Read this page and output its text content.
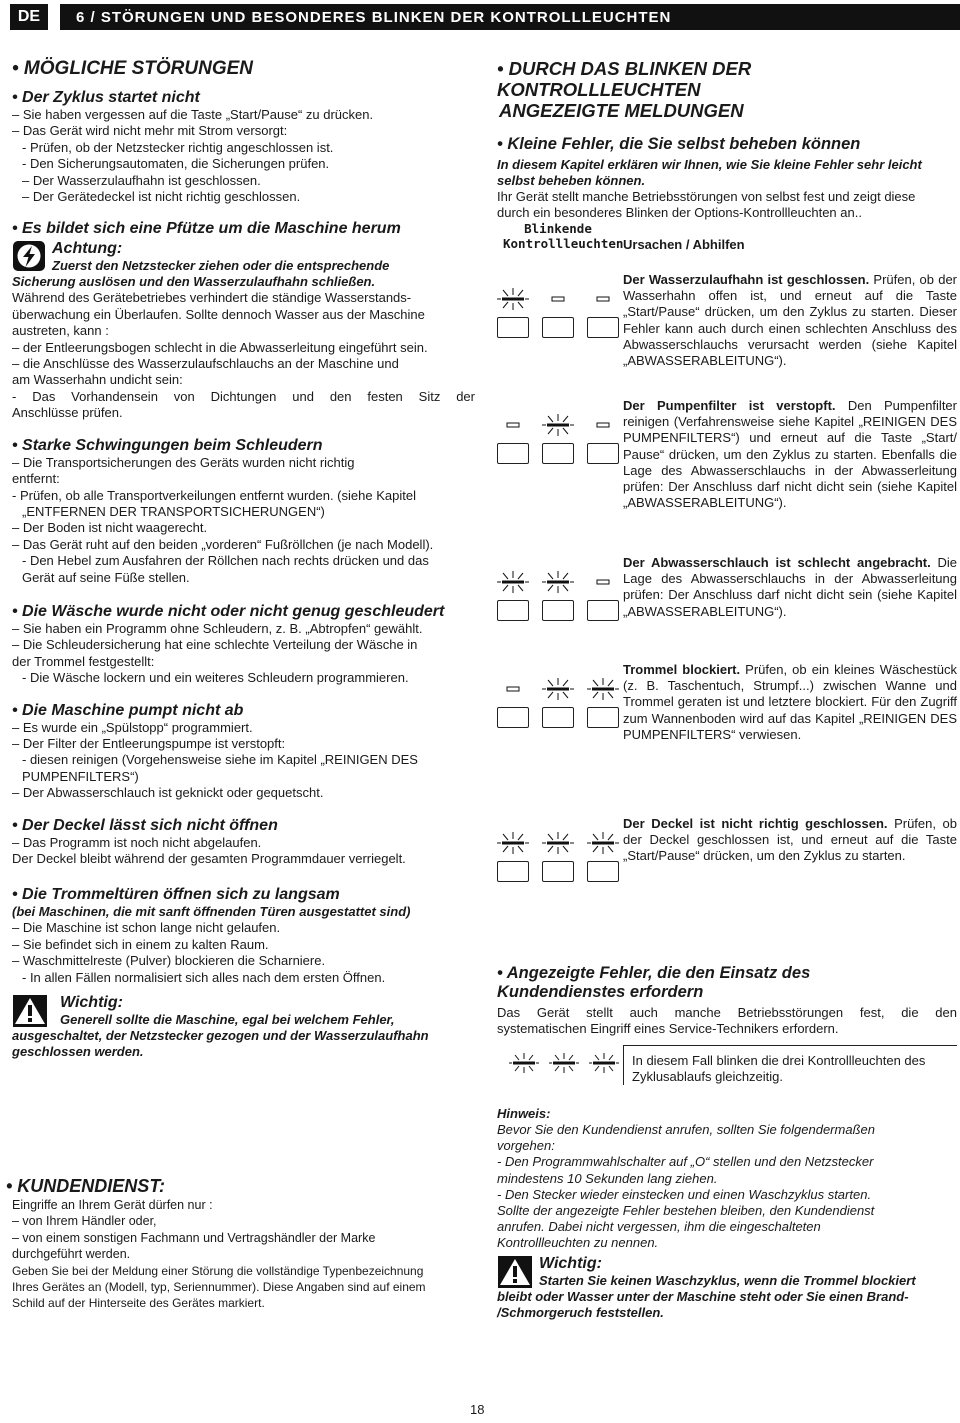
DE	6 / STÖRUNGEN UND BESONDERES BLINKEN DER KONTROLLLEUCHTEN
• MÖGLICHE STÖRUNGEN
• Der Zyklus startet nicht
– Sie haben vergessen auf die Taste „Start/Pause“ zu drücken.
– Das Gerät wird nicht mehr mit Strom versorgt:
- Prüfen, ob der Netzstecker richtig angeschlossen ist.
- Den Sicherungsautomaten, die Sicherungen prüfen.
– Der Wasserzulaufhahn ist geschlossen.
– Der Gerätedeckel ist nicht richtig geschlossen.
• Es bildet sich eine Pfütze um die Maschine herum
Achtung:
Zuerst den Netzstecker ziehen oder die entsprechende
Sicherung auslösen und den Wasserzulaufhahn schließen.
Während des Gerätebetriebes verhindert die ständige Wasserstands-
überwachung ein Überlaufen. Sollte dennoch Wasser aus der Maschine
austreten, kann :
– der Entleerungsbogen schlecht in die Abwasserleitung eingeführt sein.
– die Anschlüsse des Wasserzulaufschlauchs an der Maschine und
am Wasserhahn undicht sein:
- Das Vorhandensein von Dichtungen und den festen Sitz der
Anschlüsse prüfen.
• Starke Schwingungen beim Schleudern
– Die Transportsicherungen des Geräts wurden nicht richtig
entfernt:
- Prüfen, ob alle Transportverkeilungen entfernt wurden. (siehe Kapitel
„ENTFERNEN DER TRANSPORTSICHERUNGEN“)
– Der Boden ist nicht waagerecht.
– Das Gerät ruht auf den beiden „vorderen“ Fußröllchen (je nach Modell).
- Den Hebel zum Ausfahren der Röllchen nach rechts drücken und das
Gerät auf seine Füße stellen.
• Die Wäsche wurde nicht oder nicht genug geschleudert
– Sie haben ein Programm ohne Schleudern, z. B. „Abtropfen“ gewählt.
– Die Schleudersicherung hat eine schlechte Verteilung der Wäsche in
der Trommel festgestellt:
- Die Wäsche lockern und ein weiteres Schleudern programmieren.
• Die Maschine pumpt nicht ab
– Es wurde ein „Spülstopp“ programmiert.
– Der Filter der Entleerungspumpe ist verstopft:
- diesen reinigen (Vorgehensweise siehe im Kapitel „REINIGEN DES
PUMPENFILTERS“)
– Der Abwasserschlauch ist geknickt oder gequetscht.
• Der Deckel lässt sich nicht öffnen
– Das Programm ist noch nicht abgelaufen.
Der Deckel bleibt während der gesamten Programmdauer verriegelt.
• Die Trommeltüren öffnen sich zu langsam
(bei Maschinen, die mit sanft öffnenden Türen ausgestattet sind)
– Die Maschine ist schon lange nicht gelaufen.
– Sie befindet sich in einem zu kalten Raum.
– Waschmittelreste (Pulver) blockieren die Scharniere.
- In allen Fällen normalisiert sich alles nach dem ersten Öffnen.
Wichtig:
Generell sollte die Maschine, egal bei welchem Fehler,
ausgeschaltet, der Netzstecker gezogen und der Wasserzulaufhahn
geschlossen werden.
• KUNDENDIENST:
Eingriffe an Ihrem Gerät dürfen nur :
– von Ihrem Händler oder,
– von einem sonstigen Fachmann und Vertragshändler der Marke
durchgeführt werden.
Geben Sie bei der Meldung einer Störung die vollständige Typenbezeichnung
Ihres Gerätes an (Modell, typ, Seriennummer). Diese Angaben sind auf einem
Schild auf der Hinterseite des Gerätes markiert.
• DURCH DAS BLINKEN DER KONTROLLLEUCHTEN
ANGEZEIGTE MELDUNGEN
• Kleine Fehler, die Sie selbst beheben können
In diesem Kapitel erklären wir Ihnen, wie Sie kleine Fehler sehr leicht
selbst beheben können.
Ihr Gerät stellt manche Betriebsstörungen von selbst fest und zeigt diese
durch ein besonderes Blinken der Options-Kontrollleuchten an..
Blinkende
Kontrollleuchten Ursachen / Abhilfen
Der Wasserzulaufhahn ist geschlossen. Prüfen, ob der Wasserhahn offen ist, und erneut auf die Taste „Start/Pause“ drücken, um den Zyklus zu starten. Dieser Fehler kann auch durch einen schlechten Anschluss des Abwasserschlauchs verursacht werden (siehe Kapitel „ABWASSERABLEITUNG“).
Der Pumpenfilter ist verstopft. Den Pumpenfilter reinigen (Verfahrensweise siehe Kapitel „REINIGEN DES PUMPENFILTERS“) und erneut auf die Taste „Start/ Pause“ drücken, um den Zyklus zu starten. Ebenfalls die Lage des Abwasserschlauchs in der Abwasserleitung prüfen: Der Anschluss darf nicht dicht sein (siehe Kapitel „ABWASSERABLEITUNG“).
Der Abwasserschlauch ist schlecht angebracht. Die Lage des Abwasserschlauchs in der Abwasserleitung prüfen: Der Anschluss darf nicht dicht sein (siehe Kapitel „ABWASSERABLEITUNG“).
Trommel blockiert. Prüfen, ob ein kleines Wäschestück (z. B. Taschentuch, Strumpf...) zwischen Wanne und Trommel geraten ist und letztere blockiert. Für den Zugriff zum Wannenboden wird auf das Kapitel „REINIGEN DES PUMPENFILTERS“ verwiesen.
Der Deckel ist nicht richtig geschlossen. Prüfen, ob der Deckel geschlossen ist, und erneut auf die Taste „Start/Pause“ drücken, um den Zyklus zu starten.
• Angezeigte Fehler, die den Einsatz des
Kundendienstes erfordern
Das Gerät stellt auch manche Betriebsstörungen fest, die den
systematischen Eingriff eines Service-Technikers erfordern.
In diesem Fall blinken die drei Kontrollleuchten des
Zyklusablaufs gleichzeitig.
Hinweis:
Bevor Sie den Kundendienst anrufen, sollten Sie folgendermaßen
vorgehen:
- Den Programmwahlschalter auf „O“ stellen und den Netzstecker
mindestens 10 Sekunden lang ziehen.
- Den Stecker wieder einstecken und einen Waschzyklus starten.
Sollte der angezeigte Fehler bestehen bleiben, den Kundendienst
anrufen. Dabei nicht vergessen, ihm die eingeschalteten
Kontrollleuchten zu nennen.
Wichtig:
Starten Sie keinen Waschzyklus, wenn die Trommel blockiert
bleibt oder Wasser unter der Maschine steht oder Sie einen Brand-
/Schmorgeruch feststellen.
18
